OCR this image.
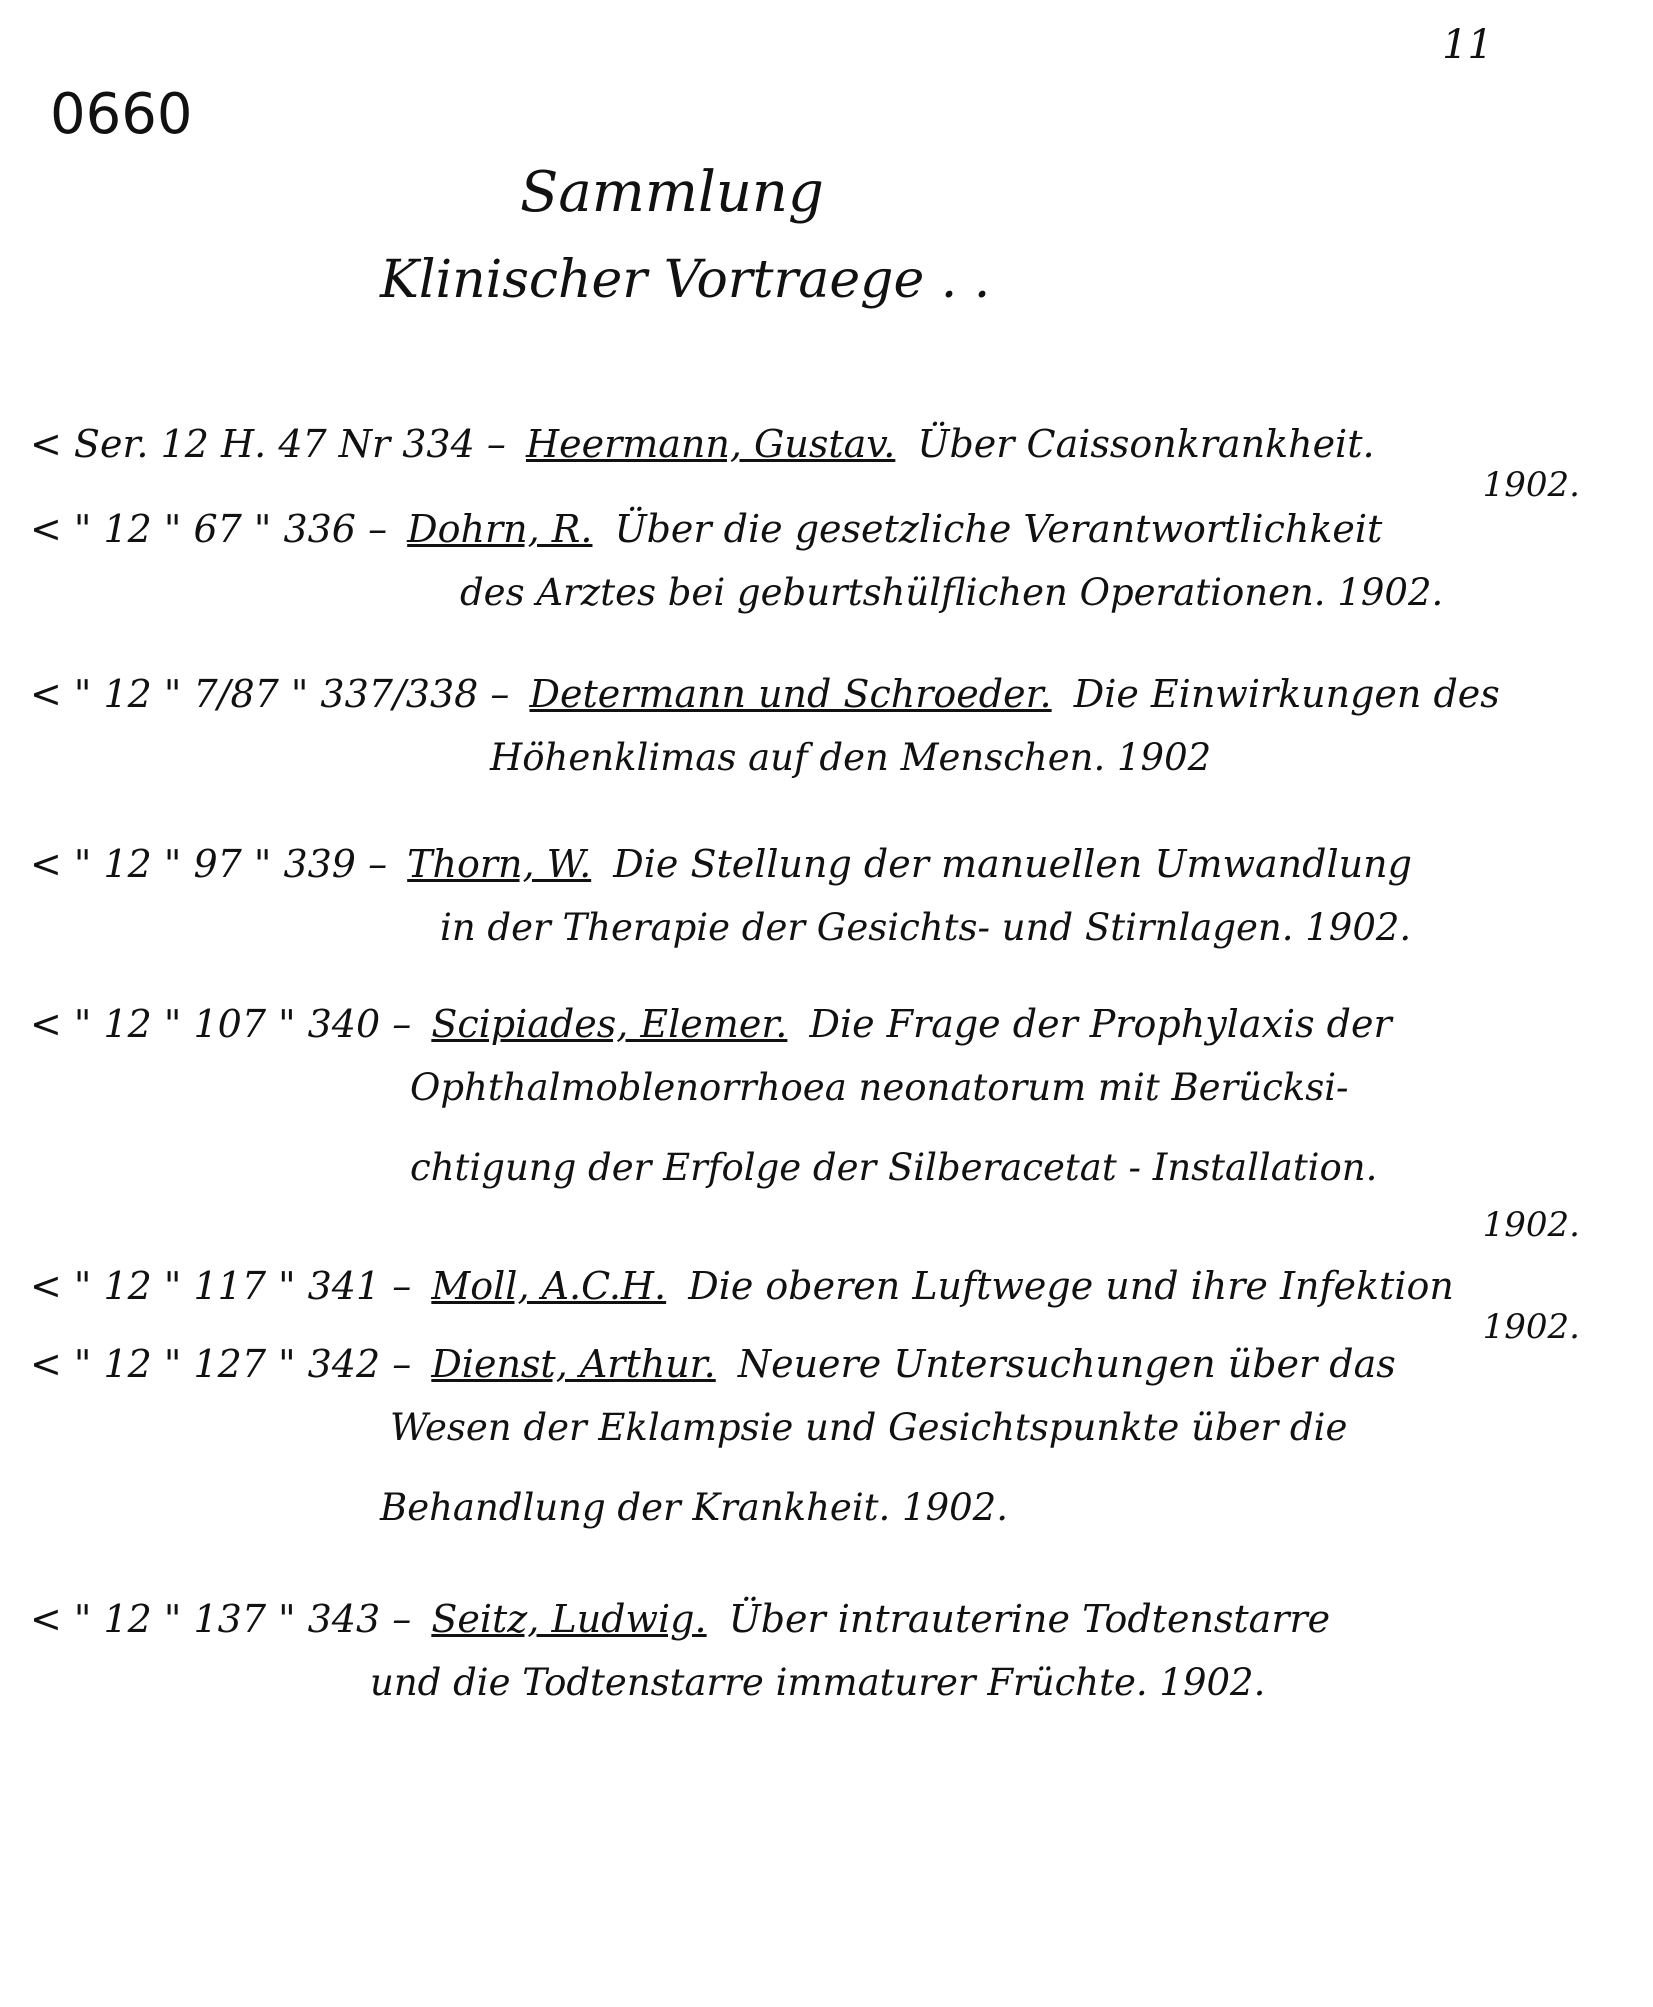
11
0660
Sammlung
Klinischer Vortraege . .
< Ser. 12 H. 47 Nr 334 – Heermann, Gustav. Über Caissonkrankheit.
1902.
< " 12 " 67 " 336 – Dohrn, R. Über die gesetzliche Verantwortlichkeit
des Arztes bei geburtshülflichen Operationen. 1902.
< " 12 " 7/87 " 337/338 – Determann und Schroeder. Die Einwirkungen des
Höhenklimas auf den Menschen. 1902
< " 12 " 97 " 339 – Thorn, W. Die Stellung der manuellen Umwandlung
in der Therapie der Gesichts- und Stirnlagen. 1902.
< " 12 " 107 " 340 – Scipiades, Elemer. Die Frage der Prophylaxis der
Ophthalmoblenorrhoea neonatorum mit Berücksi-
chtigung der Erfolge der Silberacetat - Installation.
1902.
< " 12 " 117 " 341 – Moll, A.C.H. Die oberen Luftwege und ihre Infektion
1902.
< " 12 " 127 " 342 – Dienst, Arthur. Neuere Untersuchungen über das
Wesen der Eklampsie und Gesichtspunkte über die
Behandlung der Krankheit. 1902.
< " 12 " 137 " 343 – Seitz, Ludwig. Über intrauterine Todtenstarre
und die Todtenstarre immaturer Früchte. 1902.
